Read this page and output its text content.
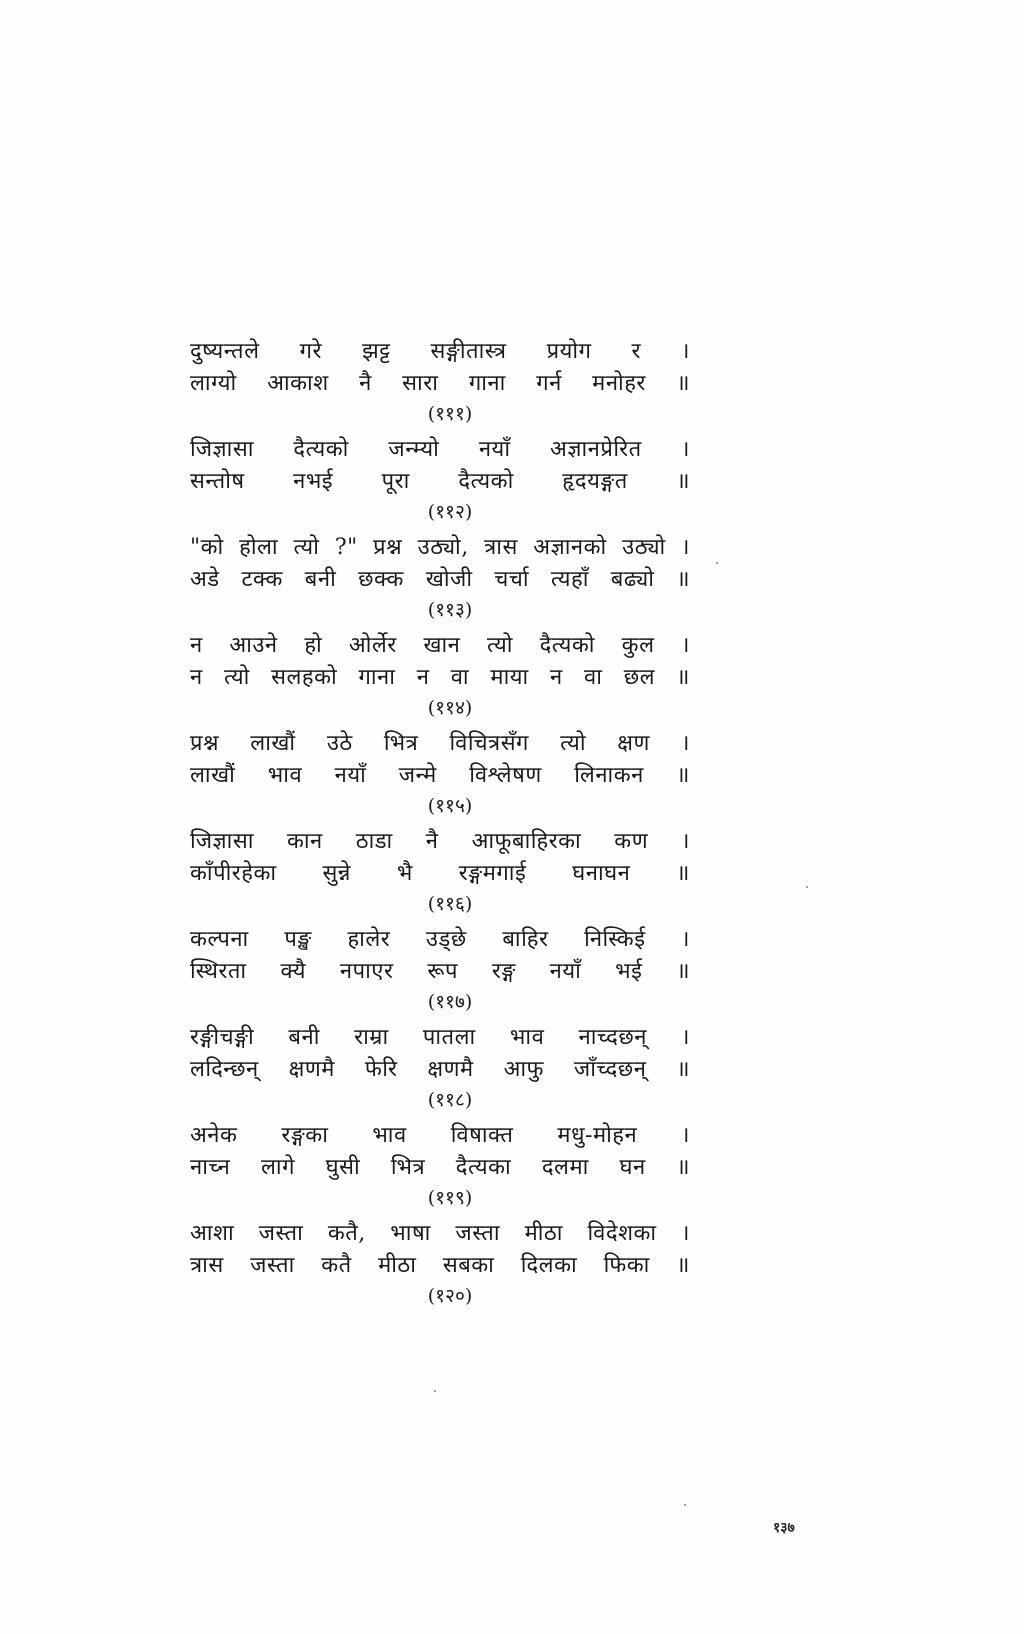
दुष्यन्तले गरे झट्ट सङ्गीतास्त्र प्रयोग र ।
लाग्यो आकाश नै सारा गाना गर्न मनोहर ॥
(१११)
जिज्ञासा दैत्यको जन्म्यो नयाँ अज्ञानप्रेरित ।
सन्तोष नभई पूरा दैत्यको हृदयङ्गत ॥
(११२)
"को होला त्यो ?" प्रश्न उठ्यो, त्रास अज्ञानको उठ्यो ।
अडे टक्क बनी छक्क खोजी चर्चा त्यहाँ बढ्यो ॥
(११३)
न आउने हो ओर्लेर खान त्यो दैत्यको कुल ।
न त्यो सलहको गाना न वा माया न वा छल ॥
(११४)
प्रश्न लाखौं उठे भित्र विचित्रसँग त्यो क्षण ।
लाखौं भाव नयाँ जन्मे विश्लेषण लिनाकन ॥
(११५)
जिज्ञासा कान ठाडा नै आफूबाहिरका कण ।
काँपीरहेका सुन्ने भै रङ्गमगाई घनाघन ॥
(११६)
कल्पना पङ्ख हालेर उड्छे बाहिर निस्किई ।
स्थिरता क्यै नपाएर रूप रङ्ग नयाँ भई ॥
(११७)
रङ्गीचङ्गी बनी राम्रा पातला भाव नाच्दछन् ।
लदिन्छन् क्षणमै फेरि क्षणमै आफु जाँच्दछन् ॥
(११८)
अनेक रङ्गका भाव विषाक्त मधु-मोहन ।
नाच्न लागे घुसी भित्र दैत्यका दलमा घन ॥
(११९)
आशा जस्ता कतै, भाषा जस्ता मीठा विदेशका ।
त्रास जस्ता कतै मीठा सबका दिलका फिका ॥
(१२०)
१३७
